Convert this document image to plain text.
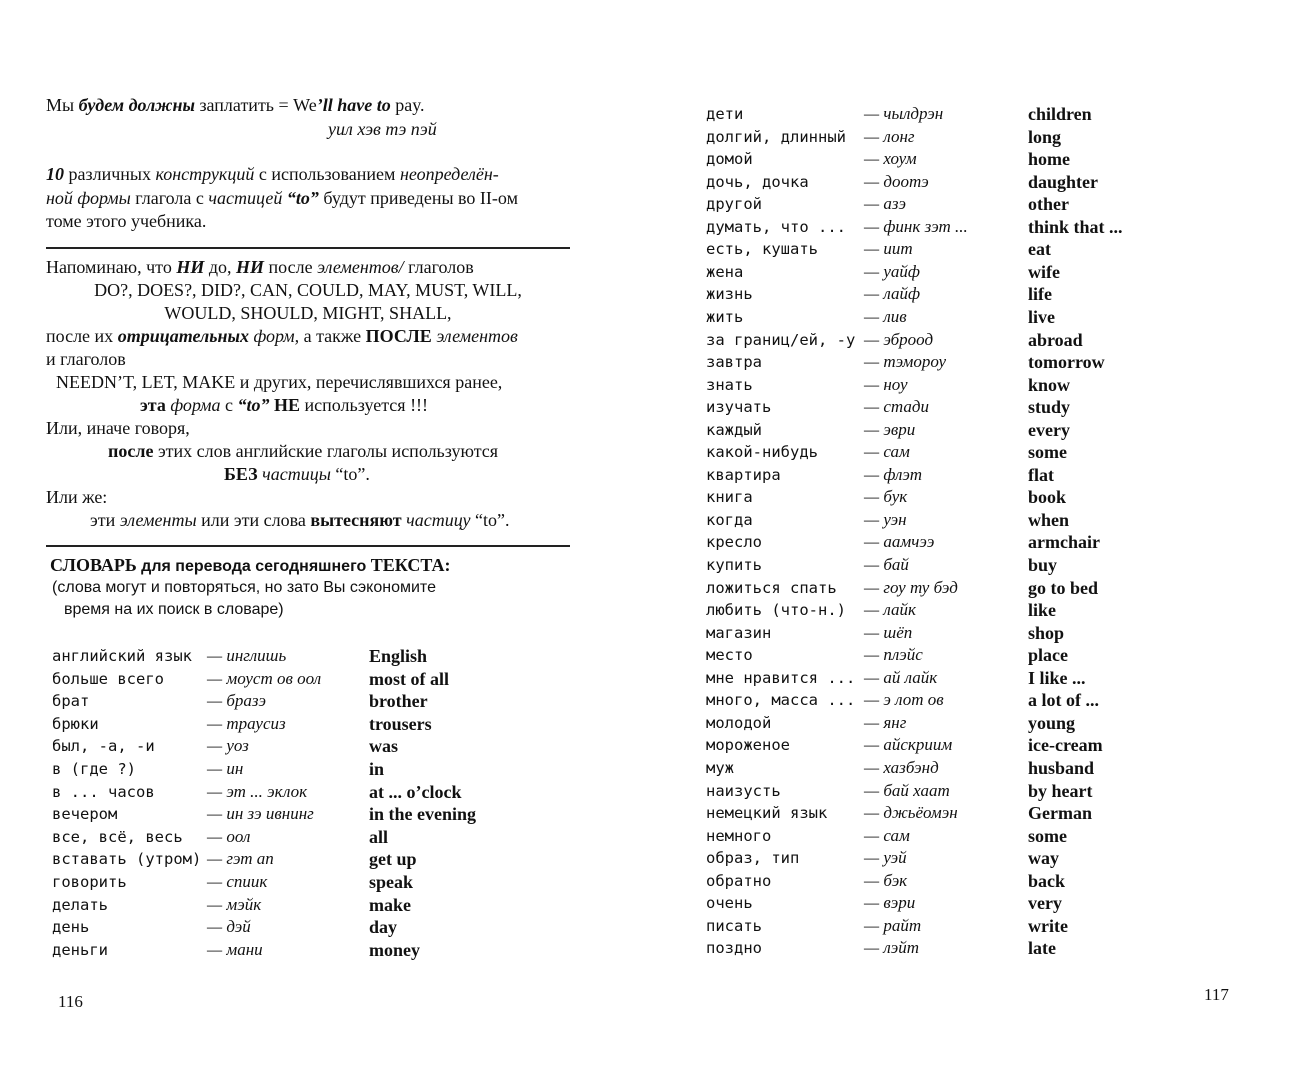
Мы будем должны заплатить = We’ll have to pay.
уил хэв тэ пэй
10 различных конструкций с использованием неопределён-
ной формы глагола с частицей “to” будут приведены во II-ом
томе этого учебника.
Напоминаю, что НИ до, НИ после элементов/ глаголов
DO?, DOES?, DID?, CAN, COULD, MAY, MUST, WILL,
WOULD, SHOULD, MIGHT, SHALL,
после их отрицательных форм, а также ПОСЛЕ элементов
и глаголов
NEEDN’T, LET, MAKE и других, перечислявшихся ранее,
эта форма с “to” НЕ используется !!!
Или, иначе говоря,
после этих слов английские глаголы используются
БЕЗ частицы “to”.
Или же:
эти элементы или эти слова вытесняют частицу “to”.
СЛОВАРЬ для перевода сегодняшнего ТЕКСТА:
(слова могут и повторяться, но зато Вы сэкономите
время на их поиск в словаре)
английский язык — инглишь	English
больше всего	— моуст ов оол	most of all
брат	— бразэ	brother
брюки	— траусиз	trousers
был, -а, -и	— уоз	was
в (где ?)	— ин	in
в ... часов	— эт ... эклок	at ... o’clock
вечером	— ин зэ ивнинг	in the evening
все, всё, весь — оол	all
вставать (утром) — гэт ап	get up
говорить	— спиик	speak
делать	— мэйк	make
день	— дэй	day
деньги	— мани	money
116
дети	— чылдрэн	children
долгий, длинный — лонг	long
домой	— хоум	home
дочь, дочка	— доотэ	daughter
другой	— азэ	other
думать, что ... — финк зэт ...	think that ...
есть, кушать	— иит	eat
жена	— уайф	wife
жизнь	— лайф	life
жить	— лив	live
за границ/ей, -у — эброод	abroad
завтра	— тэмороу	tomorrow
знать	— ноу	know
изучать	— стади	study
каждый	— эври	every
какой-нибудь	— сам	some
квартира	— флэт	flat
книга	— бук	book
когда	— уэн	when
кресло	— аамчээ	armchair
купить	— бай	buy
ложиться спать — гоу ту бэд	go to bed
любить (что-н.) — лайк	like
магазин	— шёп	shop
место	— плэйс	place
мне нравится ... — ай лайк	I like ...
много, масса ... — э лот ов	a lot of ...
молодой	— янг	young
мороженое	— айскриим	ice-cream
муж	— хазбэнд	husband
наизусть	— бай хаат	by heart
немецкий язык — джьёомэн	German
немного	— сам	some
образ, тип	— уэй	way
обратно	— бэк	back
очень	— вэри	very
писать	— райт	write
поздно	— лэйт	late
117
